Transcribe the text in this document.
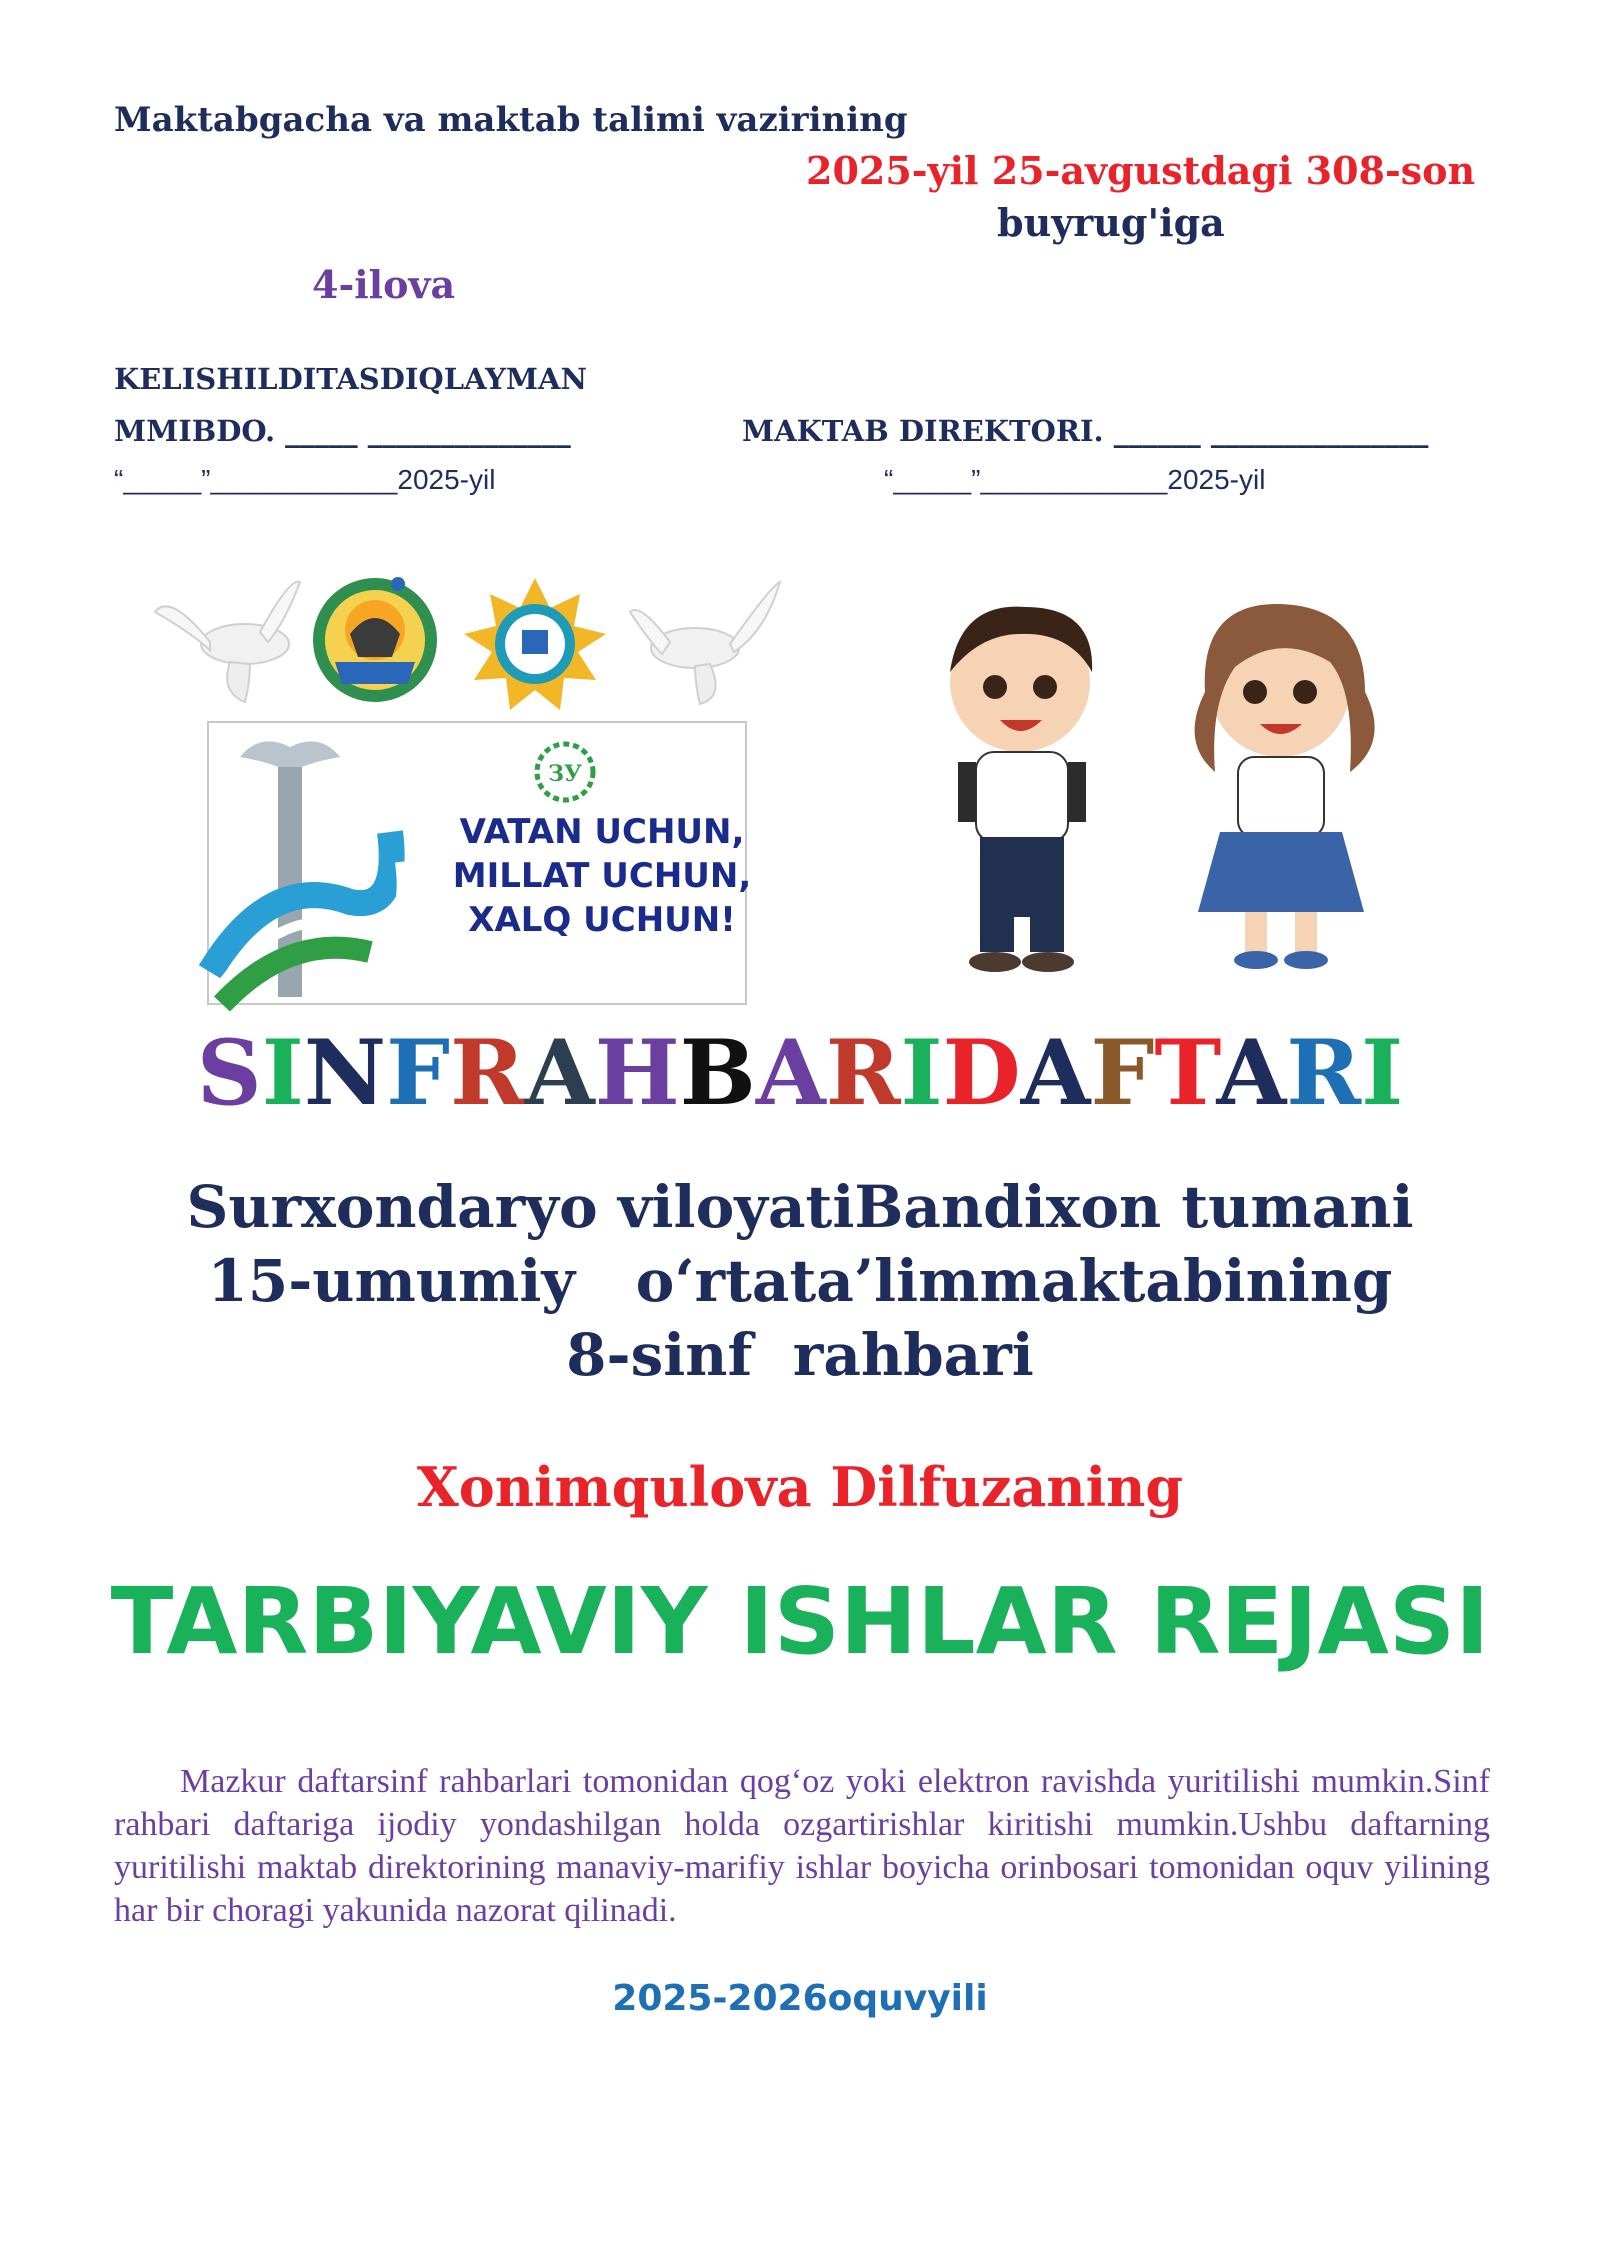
Maktabgacha va maktab talimi vazirining
2025-yil 25-avgustdagi 308-son
buyrug'iga
4-ilova
KELISHILDITASDIQLAYMAN
MMIBDO. _____ ______________	MAKTAB DIREKTORI. ______ _______________
“_____”____________2025-yil	“_____”____________2025-yil
ЗУ
VATAN UCHUN,
MILLAT UCHUN,
XALQ UCHUN!
SINFRAHBARIDAFTARI
Surxondaryo viloyatiBandixon tumani
15-umumiy   o‘rtata’limmaktabining
8-sinf  rahbari
Xonimqulova Dilfuzaning
TARBIYAVIY ISHLAR REJASI
Mazkur daftarsinf rahbarlari tomonidan qog‘oz yoki elektron ravishda yuritilishi mumkin.Sinf rahbari daftariga ijodiy yondashilgan holda ozgartirishlar kiritishi mumkin.Ushbu daftarning yuritilishi maktab direktorining manaviy-marifiy ishlar boyicha orinbosari tomonidan oquv yilining har bir choragi yakunida nazorat qilinadi.
2025-2026oquvyili
